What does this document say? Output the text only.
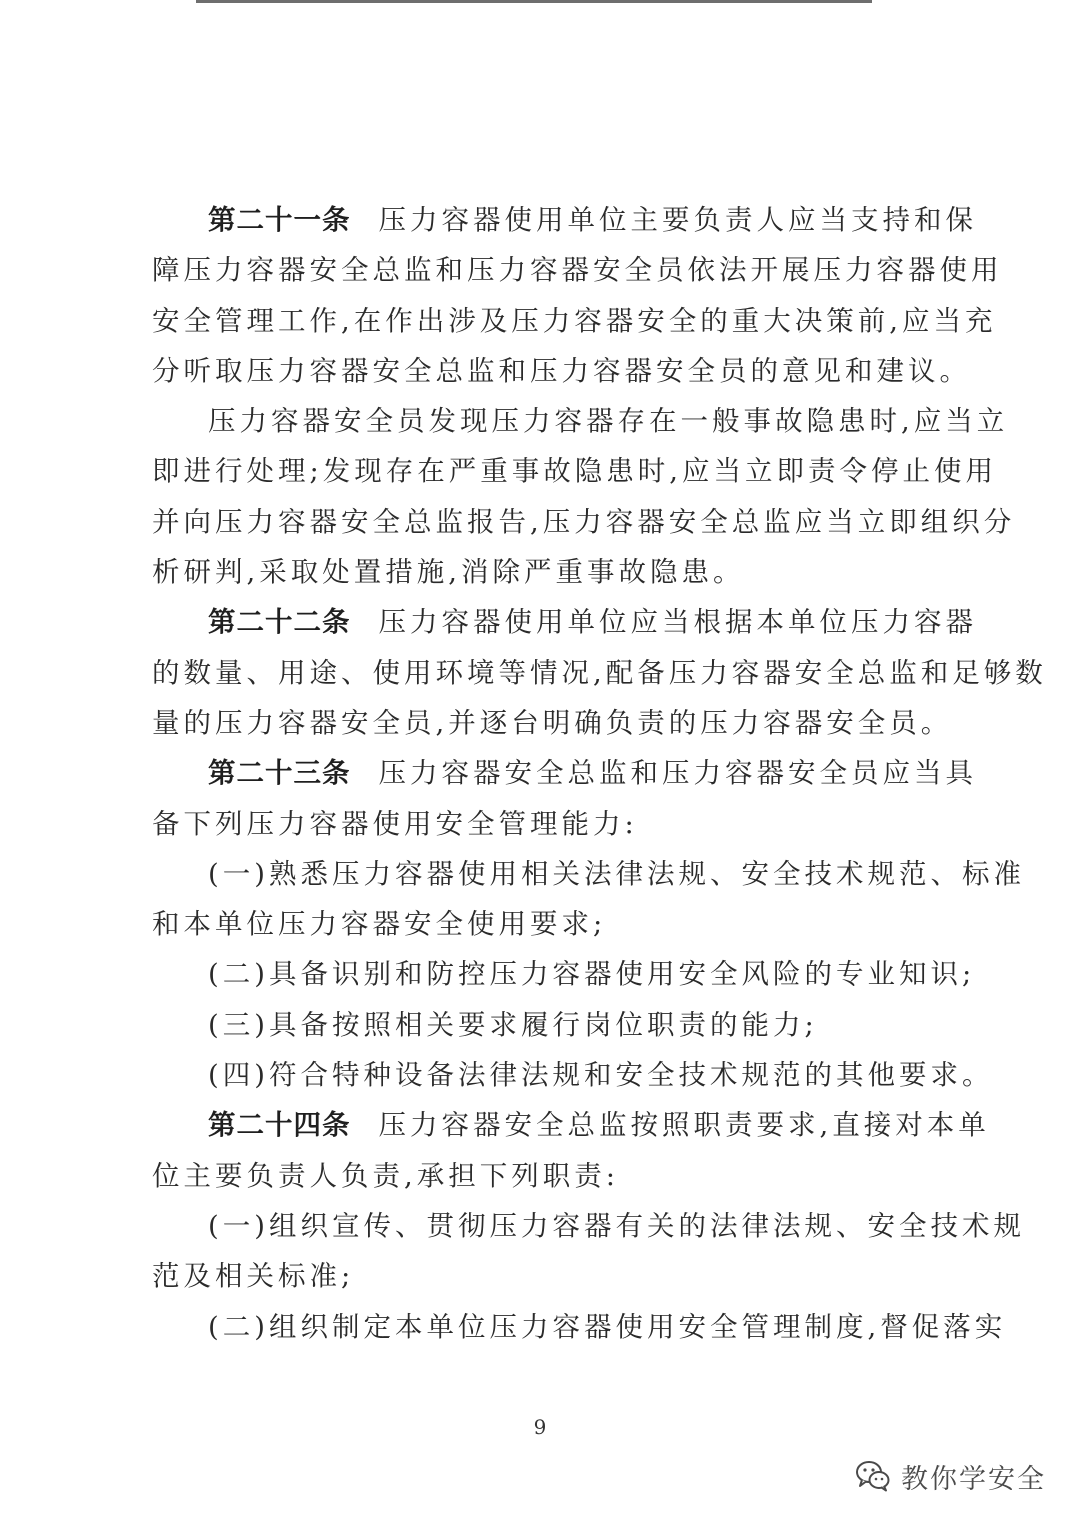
第二十一条 压力容器使用单位主要负责人应当支持和保
障压力容器安全总监和压力容器安全员依法开展压力容器使用
安全管理工作,在作出涉及压力容器安全的重大决策前,应当充
分听取压力容器安全总监和压力容器安全员的意见和建议。
压力容器安全员发现压力容器存在一般事故隐患时,应当立
即进行处理;发现存在严重事故隐患时,应当立即责令停止使用
并向压力容器安全总监报告,压力容器安全总监应当立即组织分
析研判,采取处置措施,消除严重事故隐患。
第二十二条 压力容器使用单位应当根据本单位压力容器
的数量、用途、使用环境等情况,配备压力容器安全总监和足够数
量的压力容器安全员,并逐台明确负责的压力容器安全员。
第二十三条 压力容器安全总监和压力容器安全员应当具
备下列压力容器使用安全管理能力:
(一)熟悉压力容器使用相关法律法规、安全技术规范、标准
和本单位压力容器安全使用要求;
(二)具备识别和防控压力容器使用安全风险的专业知识;
(三)具备按照相关要求履行岗位职责的能力;
(四)符合特种设备法律法规和安全技术规范的其他要求。
第二十四条 压力容器安全总监按照职责要求,直接对本单
位主要负责人负责,承担下列职责:
(一)组织宣传、贯彻压力容器有关的法律法规、安全技术规
范及相关标准;
(二)组织制定本单位压力容器使用安全管理制度,督促落实
9
教你学安全
